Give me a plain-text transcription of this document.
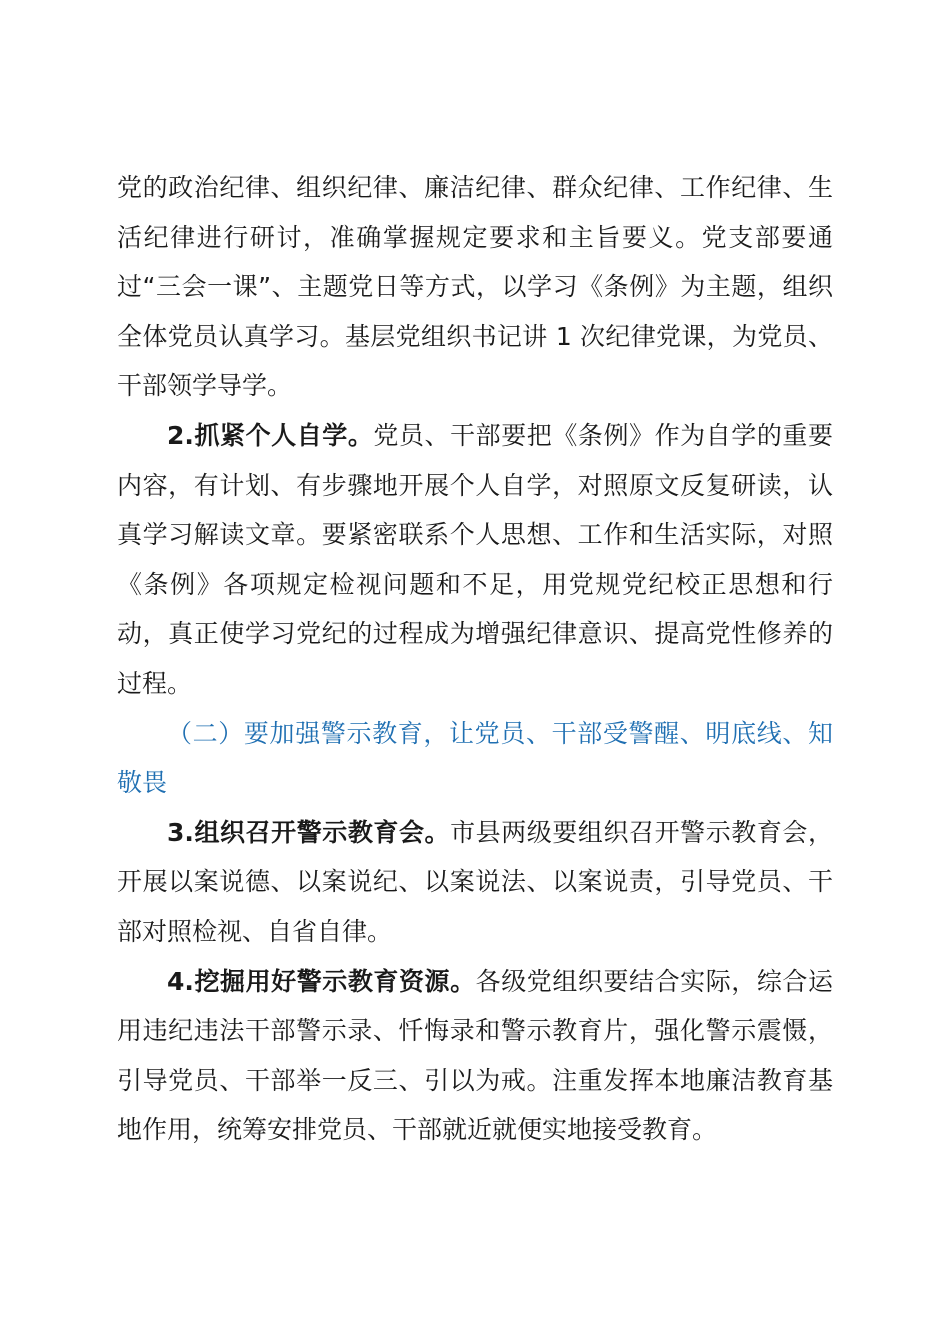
党的政治纪律、组织纪律、廉洁纪律、群众纪律、工作纪律、生活纪律进行研讨，准确掌握规定要求和主旨要义。党支部要通过“三会一课”、主题党日等方式，以学习《条例》为主题，组织全体党员认真学习。基层党组织书记讲 1 次纪律党课，为党员、干部领学导学。

2.抓紧个人自学。党员、干部要把《条例》作为自学的重要内容，有计划、有步骤地开展个人自学，对照原文反复研读，认真学习解读文章。要紧密联系个人思想、工作和生活实际，对照《条例》各项规定检视问题和不足，用党规党纪校正思想和行动，真正使学习党纪的过程成为增强纪律意识、提高党性修养的过程。

（二）要加强警示教育，让党员、干部受警醒、明底线、知敬畏

3.组织召开警示教育会。市县两级要组织召开警示教育会，开展以案说德、以案说纪、以案说法、以案说责，引导党员、干部对照检视、自省自律。

4.挖掘用好警示教育资源。各级党组织要结合实际，综合运用违纪违法干部警示录、忏悔录和警示教育片，强化警示震慑，引导党员、干部举一反三、引以为戒。注重发挥本地廉洁教育基地作用，统筹安排党员、干部就近就便实地接受教育。
